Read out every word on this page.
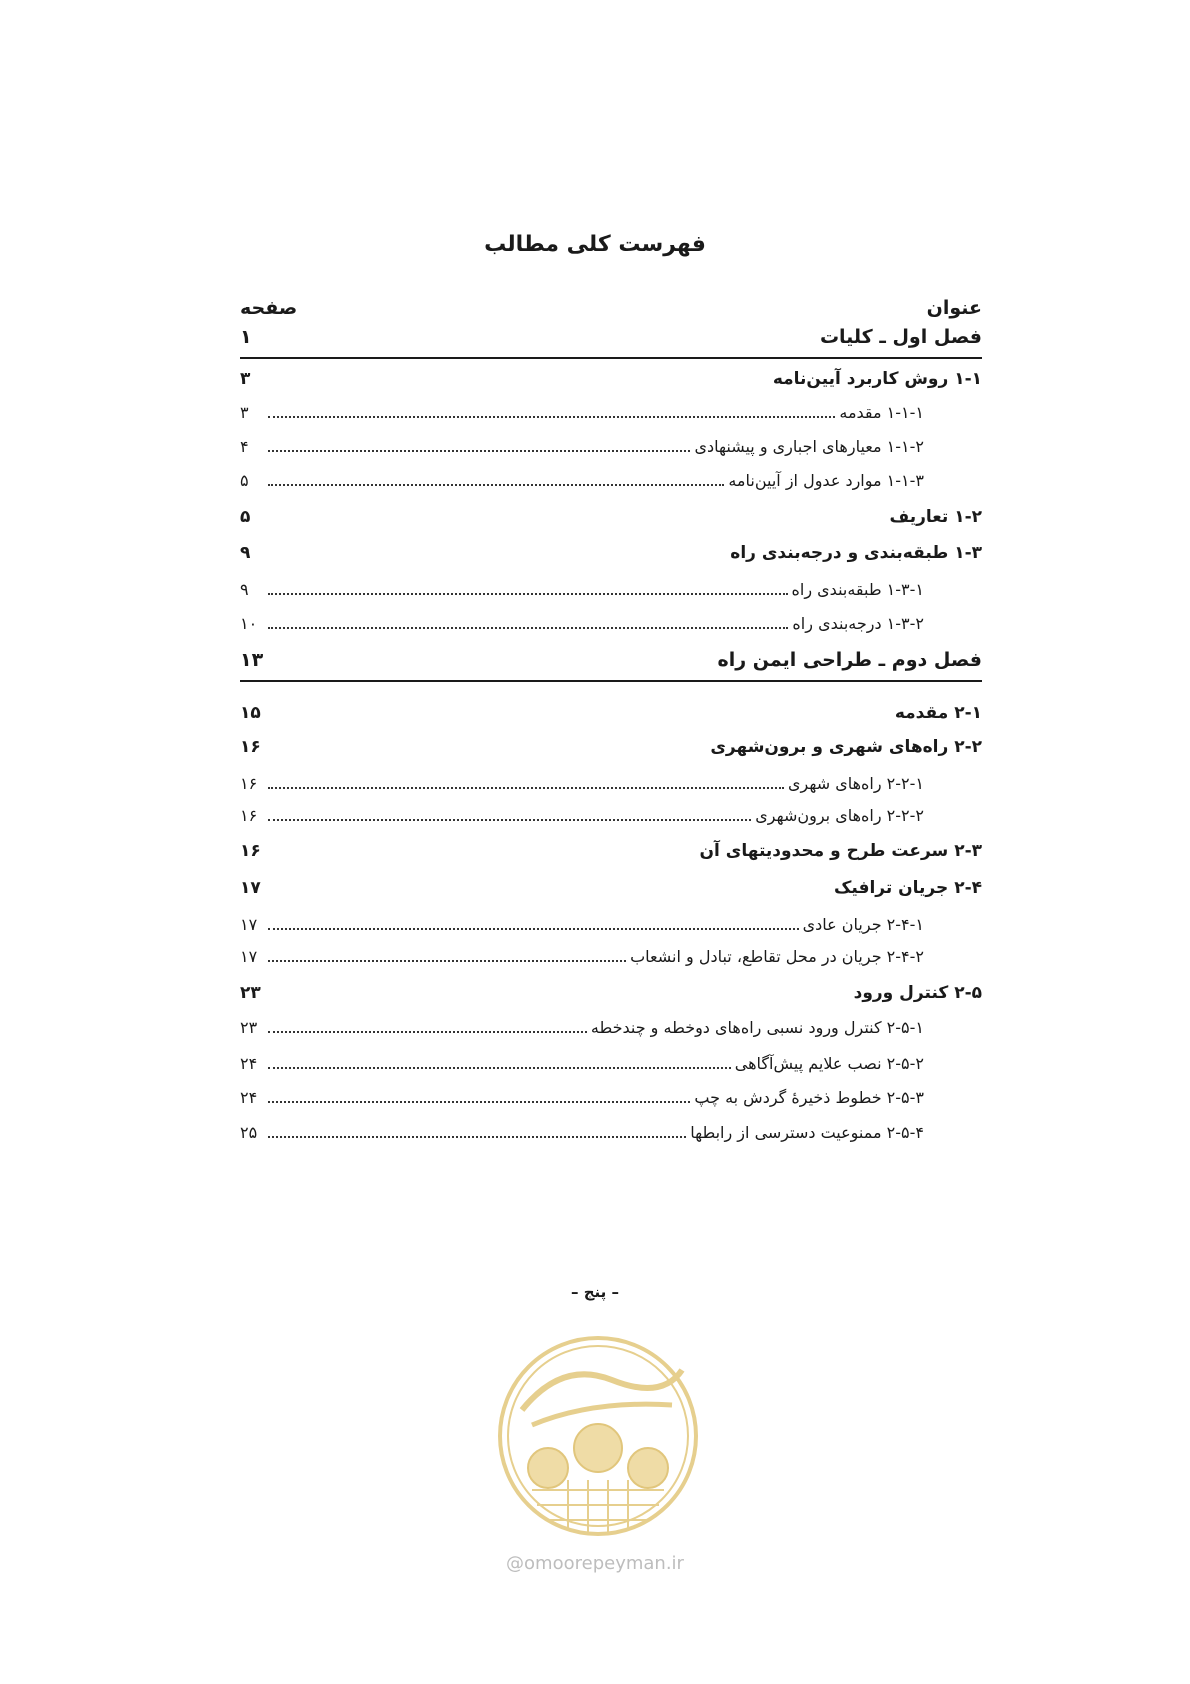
فهرست کلی مطالب
عنوان
صفحه
فصل اول ـ کلیات
۱
۱-۱ روش کاربرد آیین‌نامه
۳
۱-۱-۱ مقدمه
۳
۱-۱-۲ معیارهای اجباری و پیشنهادی
۴
۱-۱-۳ موارد عدول از آیین‌نامه
۵
۱-۲ تعاریف
۵
۱-۳ طبقه‌بندی و درجه‌بندی راه
۹
۱-۳-۱ طبقه‌بندی راه
۹
۱-۳-۲ درجه‌بندی راه
۱۰
فصل دوم ـ طراحی ایمن راه
۱۳
۲-۱ مقدمه
۱۵
۲-۲ راه‌های شهری و برون‌شهری
۱۶
۲-۲-۱ راه‌های شهری
۱۶
۲-۲-۲ راه‌های برون‌شهری
۱۶
۲-۳ سرعت طرح و محدودیتهای آن
۱۶
۲-۴ جریان ترافیک
۱۷
۲-۴-۱ جریان عادی
۱۷
۲-۴-۲ جریان در محل تقاطع، تبادل و انشعاب
۱۷
۲-۵ کنترل ورود
۲۳
۲-۵-۱ کنترل ورود نسبی راه‌های دوخطه و چندخطه
۲۳
۲-۵-۲ نصب علایم پیش‌آگاهی
۲۴
۲-۵-۳ خطوط ذخیرهٔ گردش به چپ
۲۴
۲-۵-۴ ممنوعیت دسترسی از رابطها
۲۵
– پنج –
@omoorepeyman.ir
